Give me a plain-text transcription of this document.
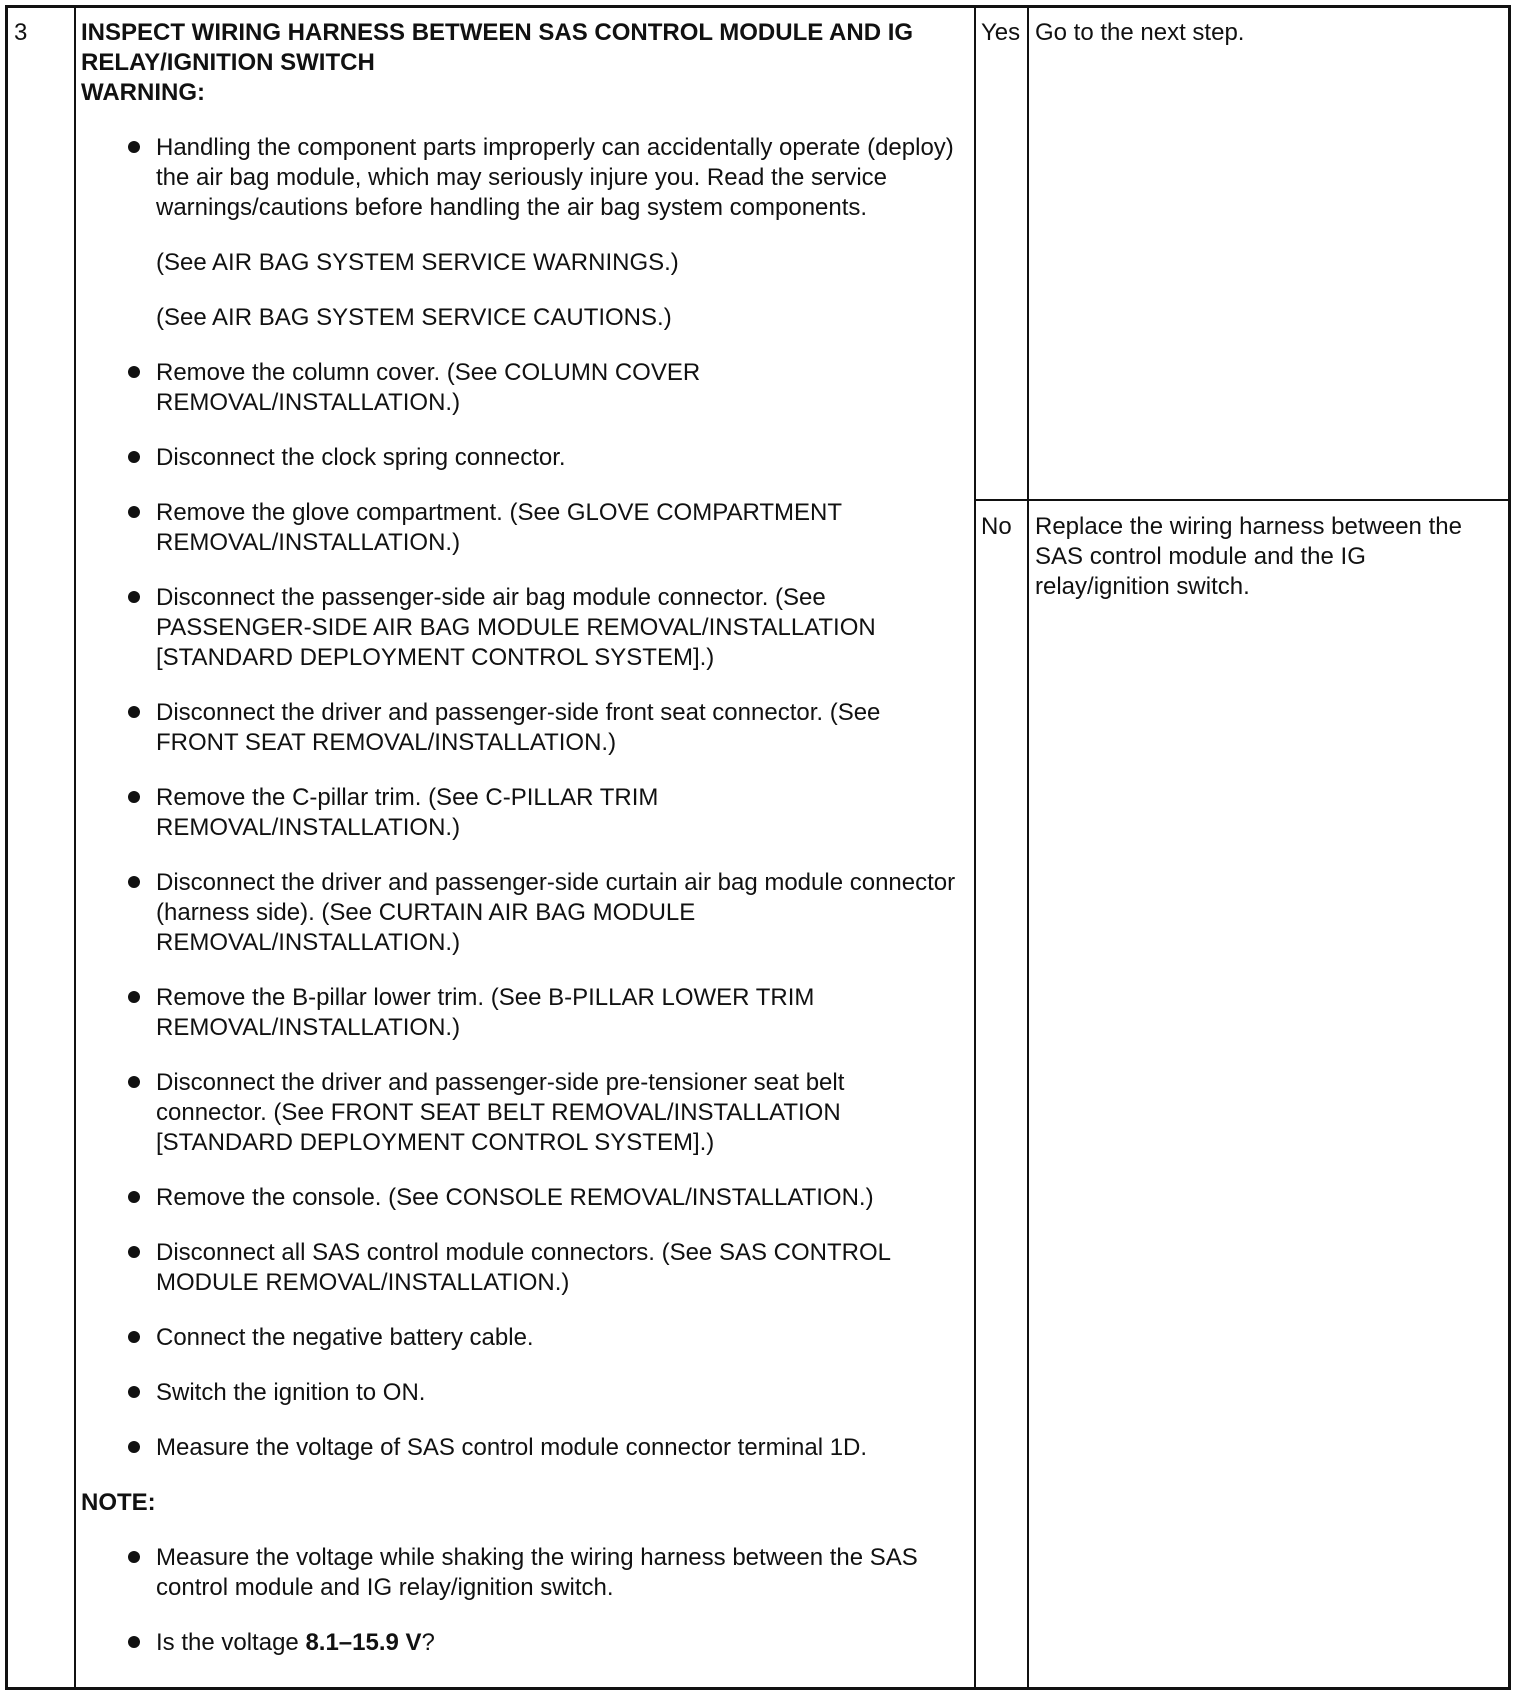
3 INSPECT WIRING HARNESS BETWEEN SAS CONTROL MODULE AND IG RELAY/IGNITION SWITCH

WARNING:

Handling the component parts improperly can accidentally operate (deploy) the air bag module, which may seriously injure you. Read the service warnings/cautions before handling the air bag system components.
(See AIR BAG SYSTEM SERVICE WARNINGS.)
(See AIR BAG SYSTEM SERVICE CAUTIONS.)
Remove the column cover. (See COLUMN COVER REMOVAL/INSTALLATION.)
Disconnect the clock spring connector.
Remove the glove compartment. (See GLOVE COMPARTMENT REMOVAL/INSTALLATION.)
Disconnect the passenger-side air bag module connector. (See PASSENGER-SIDE AIR BAG MODULE REMOVAL/INSTALLATION [STANDARD DEPLOYMENT CONTROL SYSTEM].)
Disconnect the driver and passenger-side front seat connector. (See FRONT SEAT REMOVAL/INSTALLATION.)
Remove the C-pillar trim. (See C-PILLAR TRIM REMOVAL/INSTALLATION.)
Disconnect the driver and passenger-side curtain air bag module connector (harness side). (See CURTAIN AIR BAG MODULE REMOVAL/INSTALLATION.)
Remove the B-pillar lower trim. (See B-PILLAR LOWER TRIM REMOVAL/INSTALLATION.)
Disconnect the driver and passenger-side pre-tensioner seat belt connector. (See FRONT SEAT BELT REMOVAL/INSTALLATION [STANDARD DEPLOYMENT CONTROL SYSTEM].)
Remove the console. (See CONSOLE REMOVAL/INSTALLATION.)
Disconnect all SAS control module connectors. (See SAS CONTROL MODULE REMOVAL/INSTALLATION.)
Connect the negative battery cable.
Switch the ignition to ON.
Measure the voltage of SAS control module connector terminal 1D.

NOTE:

Measure the voltage while shaking the wiring harness between the SAS control module and IG relay/ignition switch.
Is the voltage 8.1–15.9 V?
Yes Go to the next step.
No Replace the wiring harness between the SAS control module and the IG relay/ignition switch.
